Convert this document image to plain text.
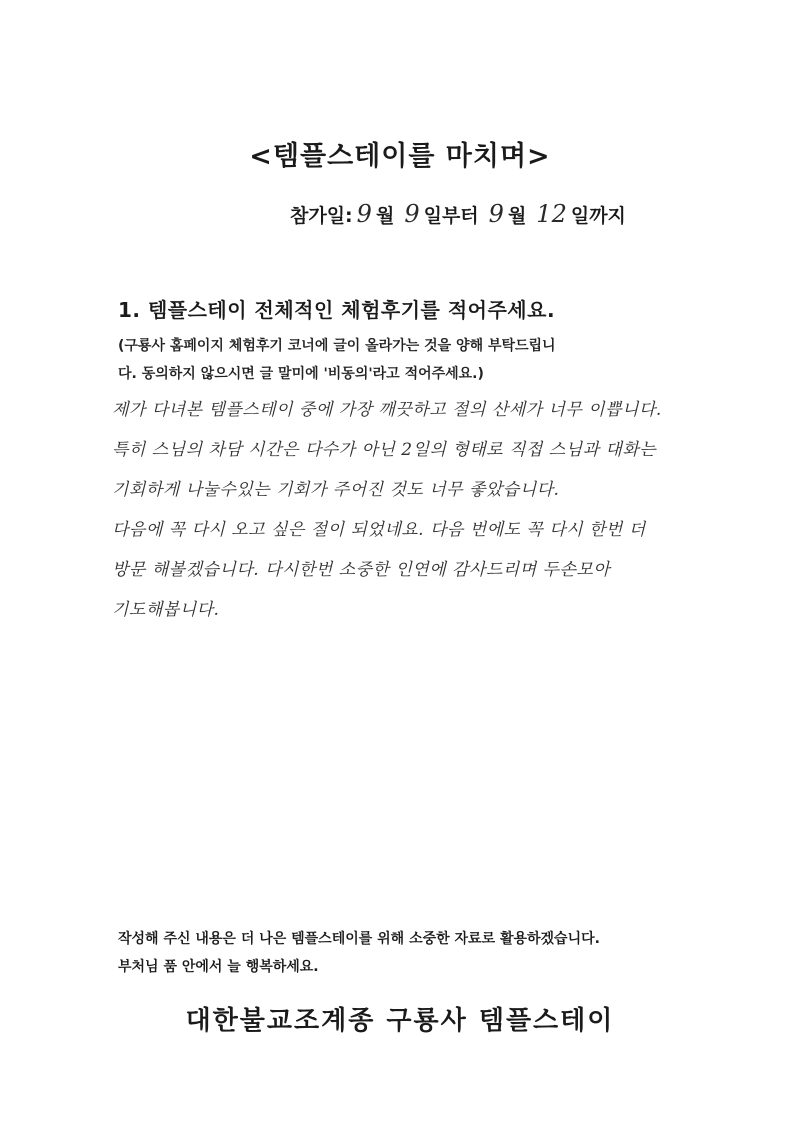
<템플스테이를 마치며>
참가일: 9 월 9 일부터 9 월 12 일까지
1. 템플스테이 전체적인 체험후기를 적어주세요.

(구룡사 홈페이지 체험후기 코너에 글이 올라가는 것을 양해 부탁드립니

다. 동의하지 않으시면 글 말미에 '비동의'라고 적어주세요.)

제가 다녀본 템플스테이 중에 가장 깨끗하고 절의 산세가 너무 이쁩니다.
특히 스님의 차담 시간은 다수가 아닌 2일의 형태로 직접 스님과 대화는
기회하게 나눌수있는 기회가 주어진 것도 너무 좋았습니다.
다음에 꼭 다시 오고 싶은 절이 되었네요. 다음 번에도 꼭 다시 한번 더
방문 해볼겠습니다. 다시한번 소중한 인연에 감사드리며 두손모아
기도해봅니다.

작성해 주신 내용은 더 나은 템플스테이를 위해 소중한 자료로 활용하겠습니다.

부처님 품 안에서 늘 행복하세요.

대한불교조계종 구룡사 템플스테이
